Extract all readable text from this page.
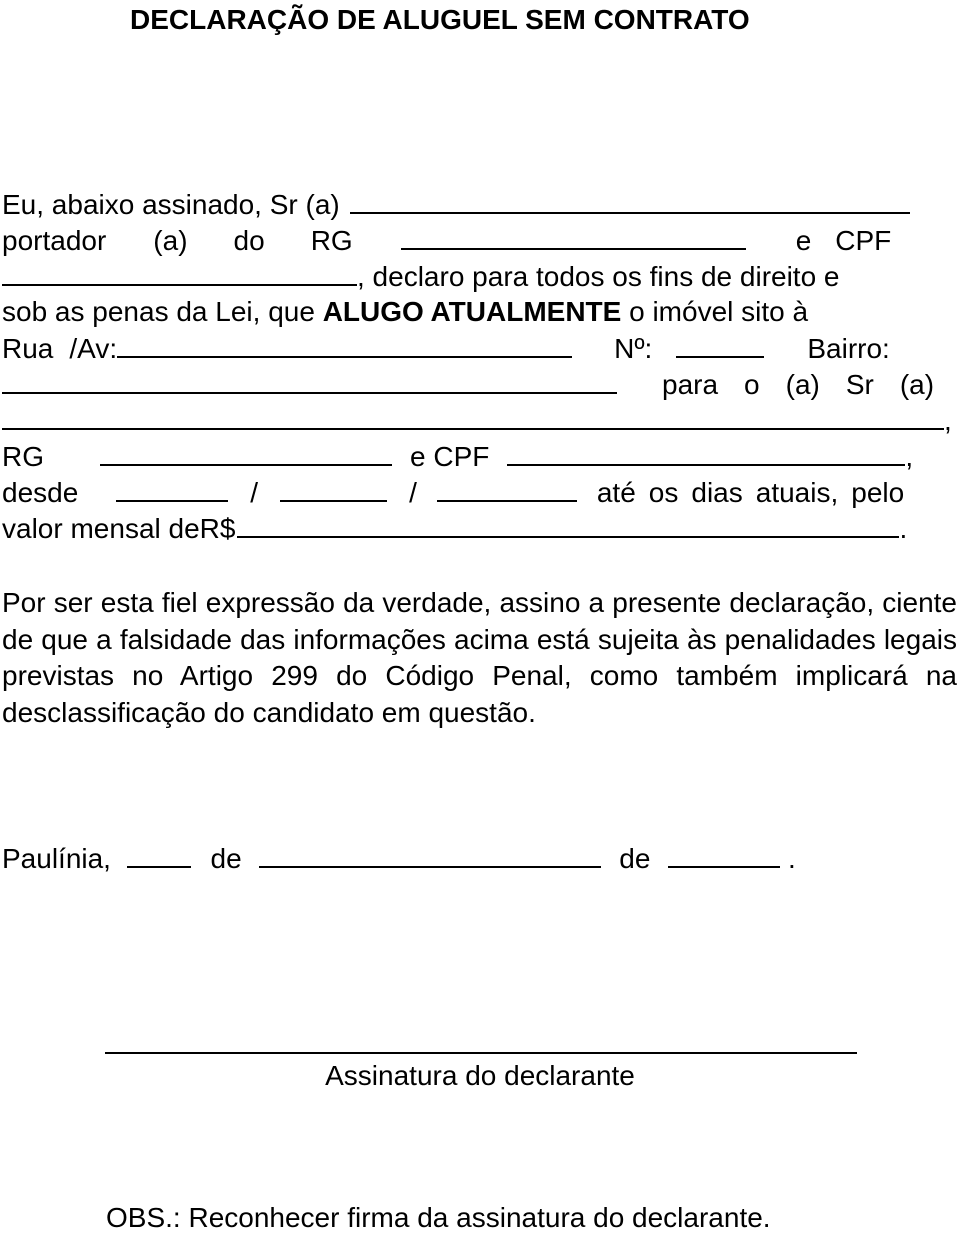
DECLARAÇÃO DE ALUGUEL SEM CONTRATO
Eu, abaixo assinado, Sr (a)
portador (a) do RG	e CPF
, declaro para todos os fins de direito e
sob as penas da Lei, que ALUGO ATUALMENTE o imóvel sito à
Rua /Av:	Nº:	Bairro:
para o (a) Sr (a)
,
RG	e CPF	,
desde	/	/	até os dias atuais, pelo
valor mensal deR$	.
Por ser esta fiel expressão da verdade, assino a presente declaração, ciente de que a falsidade das informações acima está sujeita às penalidades legais previstas no Artigo 299 do Código Penal, como também implicará na desclassificação do candidato em questão.
Paulínia,	de	de	.
Assinatura do declarante
OBS.: Reconhecer firma da assinatura do declarante.
